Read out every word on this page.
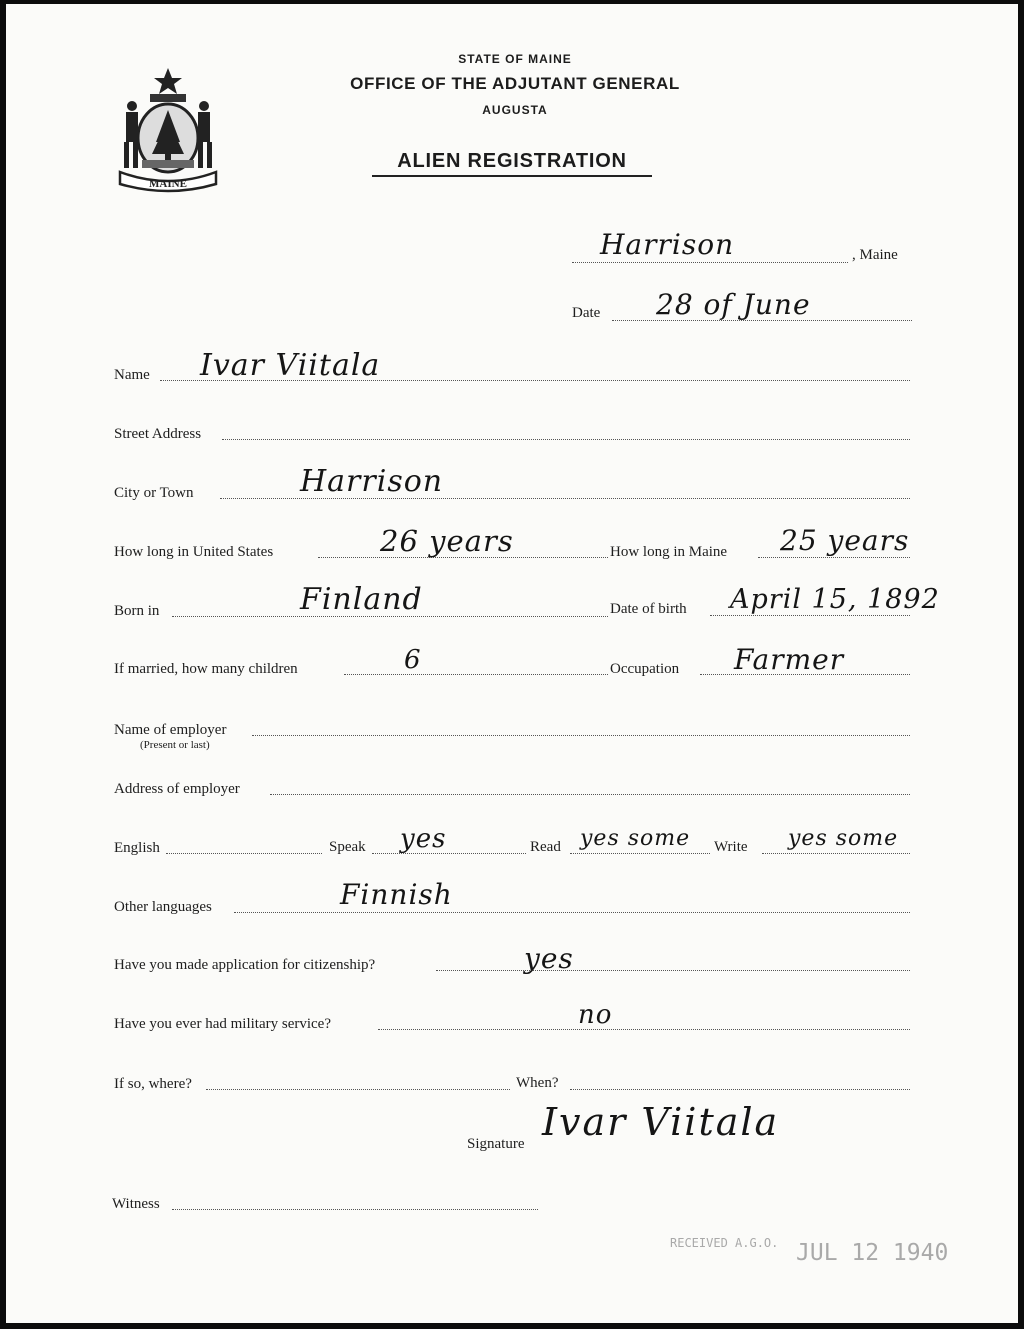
MAINE
STATE OF MAINE
OFFICE OF THE ADJUTANT GENERAL
AUGUSTA
ALIEN REGISTRATION
Harrison	, Maine
Date 28 of June
Name Ivar Viitala
Street Address
City or Town	Harrison
How long in United States	26 years	How long in Maine 25 years
Born in	Finland	Date of birth April 15, 1892
If married, how many children	6	Occupation Farmer
Name of employer
(Present or last)
Address of employer
English	Speak yes	Read yes some Write yes some
Other languages	Finnish
Have you made application for citizenship?	yes
Have you ever had military service?	no
If so, where?	When?
Signature Ivar Viitala
Witness
RECEIVED A.G.O. JUL 12 1940
